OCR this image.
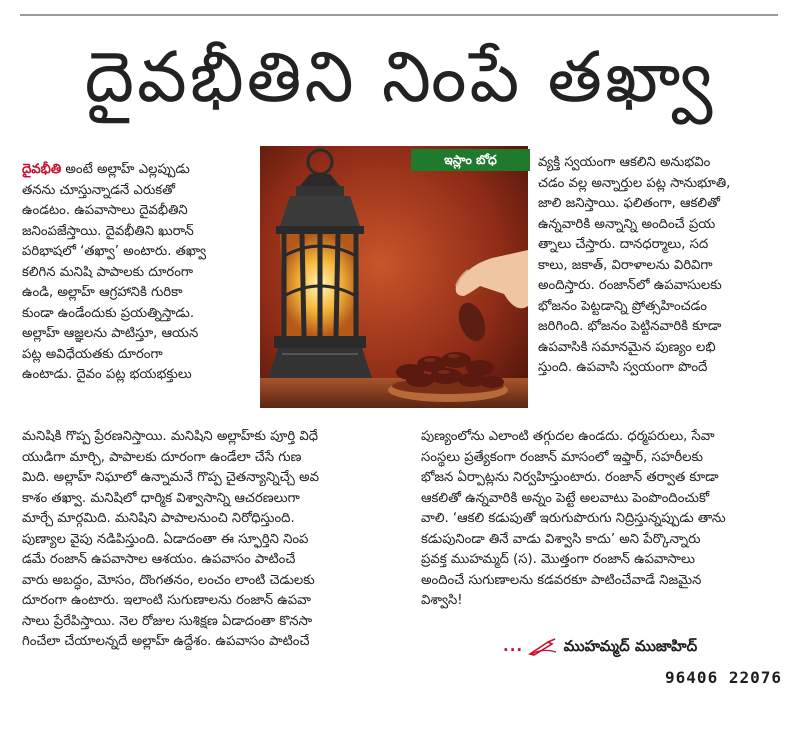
దైవభీతిని నింపే తఖ్వా
దైవభీతి అంటే అల్లాహ్‌ ఎల్లప్పుడు
తనను చూస్తున్నాడనే ఎరుకతో
ఉండటం. ఉపవాసాలు దైవభీతిని
జనింపజేస్తాయి. దైవభీతిని ఖురాన్‌
పరిభాషలో ‘తఖ్వా’ అంటారు. తఖ్వా
కలిగిన మనిషి పాపాలకు దూరంగా
ఉండి, అల్లాహ్‌ ఆగ్రహానికి గురికా
కుండా ఉండేందుకు ప్రయత్నిస్తాడు.
అల్లాహ్‌ ఆజ్ఞలను పాటిస్తూ, ఆయన
పట్ల అవిధేయతకు దూరంగా
ఉంటాడు. దైవం పట్ల భయభక్తులు
ఇస్లాం బోధ	వ్యక్తి స్వయంగా ఆకలిని అనుభవిం
చడం వల్ల అన్నార్తుల పట్ల సానుభూతి,
జాలి జనిస్తాయి. ఫలితంగా, ఆకలితో
ఉన్నవారికి అన్నాన్ని అందించే ప్రయ
త్నాలు చేస్తారు. దానధర్మాలు, సద
కాలు, జకాత్‌, విరాళాలను విరివిగా
అందిస్తారు. రంజాన్‌లో ఉపవాసులకు
భోజనం పెట్టడాన్ని ప్రోత్సహించడం
జరిగింది. భోజనం పెట్టినవారికి కూడా
ఉపవాసికి సమానమైన పుణ్యం లభి
స్తుంది. ఉపవాసి స్వయంగా పొందే
మనిషికి గొప్ప ప్రేరణనిస్తాయి. మనిషిని అల్లాహ్‌కు పూర్తి విధే
యుడిగా మార్చి, పాపాలకు దూరంగా ఉండేలా చేసే గుణ
మిది. అల్లాహ్‌ నిఘాలో ఉన్నామనే గొప్ప చైతన్యాన్నిచ్చే అవ
కాశం తఖ్వా. మనిషిలో ధార్మిక విశ్వాసాన్ని ఆచరణలుగా
మార్చే మార్గమిది. మనిషిని పాపాలనుంచి నిరోధిస్తుంది.
పుణ్యాల వైపు నడిపిస్తుంది. ఏడాదంతా ఈ స్ఫూర్తిని నింప
డమే రంజాన్‌ ఉపవాసాల ఆశయం. ఉపవాసం పాటించే
వారు అబద్ధం, మోసం, దొంగతనం, లంచం లాంటి చెడులకు
దూరంగా ఉంటారు. ఇలాంటి సుగుణాలను రంజాన్‌ ఉపవా
సాలు ప్రేరేపిస్తాయి. నెల రోజుల సుశిక్షణ ఏడాదంతా కొనసా
గించేలా చేయాలన్నదే అల్లాహ్‌ ఉద్దేశం. ఉపవాసం పాటించే
పుణ్యంలోను ఎలాంటి తగ్గుదల ఉండదు. ధర్మపరులు, సేవా
సంస్థలు ప్రత్యేకంగా రంజాన్‌ మాసంలో ఇఫ్తార్‌, సహరీలకు
భోజన ఏర్పాట్లను నిర్వహిస్తుంటారు. రంజాన్‌ తర్వాత కూడా
ఆకలితో ఉన్నవారికి అన్నం పెట్టే అలవాటు పెంపొందించుకో
వాలి. ‘ఆకలి కడుపుతో ఇరుగుపొరుగు నిద్రిస్తున్నప్పుడు తాను
కడుపునిండా తినే వాడు విశ్వాసి కాదు’ అని పేర్కొన్నారు
ప్రవక్త ముహమ్మద్‌ (స). మొత్తంగా రంజాన్‌ ఉపవాసాలు
అందించే సుగుణాలను కడవరకూ పాటించేవాడే నిజమైన
విశ్వాసి!
...	ముహమ్మద్‌ ముజాహిద్‌
96406 22076
